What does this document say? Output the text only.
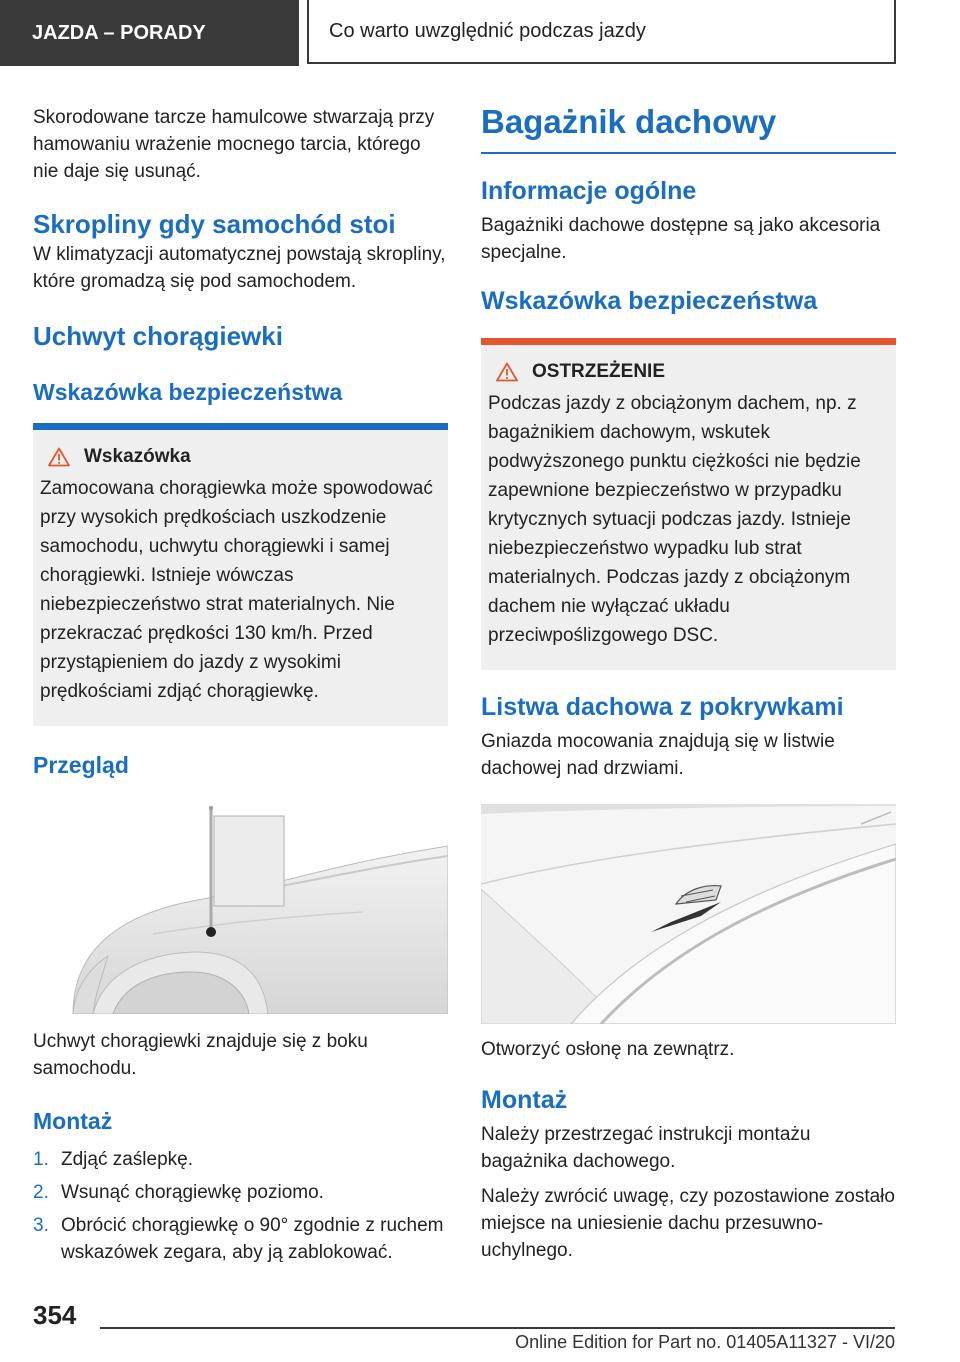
JAZDA – PORADY	Co warto uwzględnić podczas jazdy

Skorodowane tarcze hamulcowe stwarzają przy hamowaniu wrażenie mocnego tarcia, którego nie daje się usunąć.

Skropliny gdy samochód stoi

W klimatyzacji automatycznej powstają skropliny, które gromadzą się pod samochodem.

Uchwyt chorągiewki
Wskazówka bezpieczeństwa
Wskazówka

Zamocowana chorągiewka może spowodować przy wysokich prędkościach uszkodzenie samochodu, uchwytu chorągiewki i samej chorągiewki. Istnieje wówczas niebezpieczeństwo strat materialnych. Nie przekraczać prędkości 130 km/h. Przed przystąpieniem do jazdy z wysokimi prędkościami zdjąć chorągiewkę.

Przegląd

Uchwyt chorągiewki znajduje się z boku samochodu.

Montaż
1. Zdjąć zaślepkę.
2. Wsunąć chorągiewkę poziomo.
3. Obrócić chorągiewkę o 90° zgodnie z ruchem wskazówek zegara, aby ją zablokować.
Bagażnik dachowy
Informacje ogólne

Bagażniki dachowe dostępne są jako akcesoria specjalne.

Wskazówka bezpieczeństwa
OSTRZEŻENIE

Podczas jazdy z obciążonym dachem, np. z bagażnikiem dachowym, wskutek podwyższonego punktu ciężkości nie będzie zapewnione bezpieczeństwo w przypadku krytycznych sytuacji podczas jazdy. Istnieje niebezpieczeństwo wypadku lub strat materialnych. Podczas jazdy z obciążonym dachem nie wyłączać układu przeciwpoślizgowego DSC.

Listwa dachowa z pokrywkami

Gniazda mocowania znajdują się w listwie dachowej nad drzwiami.

Otworzyć osłonę na zewnątrz.

Montaż

Należy przestrzegać instrukcji montażu bagażnika dachowego.

Należy zwrócić uwagę, czy pozostawione zostało miejsce na uniesienie dachu przesuwno-uchylnego.

354
Online Edition for Part no. 01405A11327 - VI/20
